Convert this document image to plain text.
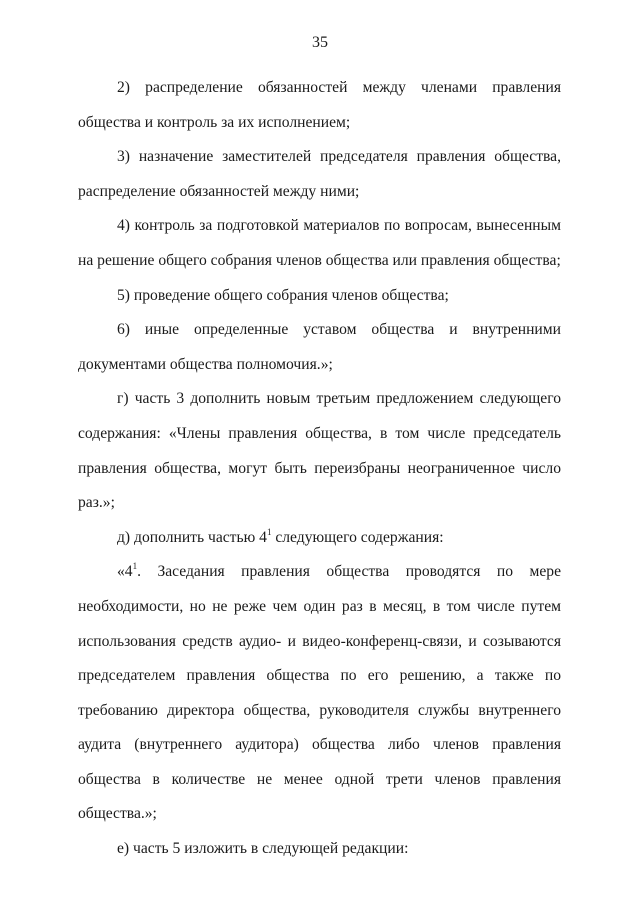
35

2) распределение обязанностей между членами правления общества и контроль за их исполнением;

3) назначение заместителей председателя правления общества, распределение обязанностей между ними;

4) контроль за подготовкой материалов по вопросам, вынесенным на решение общего собрания членов общества или правления общества;

5) проведение общего собрания членов общества;

6) иные определенные уставом общества и внутренними документами общества полномочия.»;

г) часть 3 дополнить новым третьим предложением следующего содержания: «Члены правления общества, в том числе председатель правления общества, могут быть переизбраны неограниченное число раз.»;

д) дополнить частью $4^1$ следующего содержания:

«$4^1$. Заседания правления общества проводятся по мере необходимости, но не реже чем один раз в месяц, в том числе путем использования средств аудио- и видео-конференц-связи, и созываются председателем правления общества по его решению, а также по требованию директора общества, руководителя службы внутреннего аудита (внутреннего аудитора) общества либо членов правления общества в количестве не менее одной трети членов правления общества.»;

е) часть 5 изложить в следующей редакции:
